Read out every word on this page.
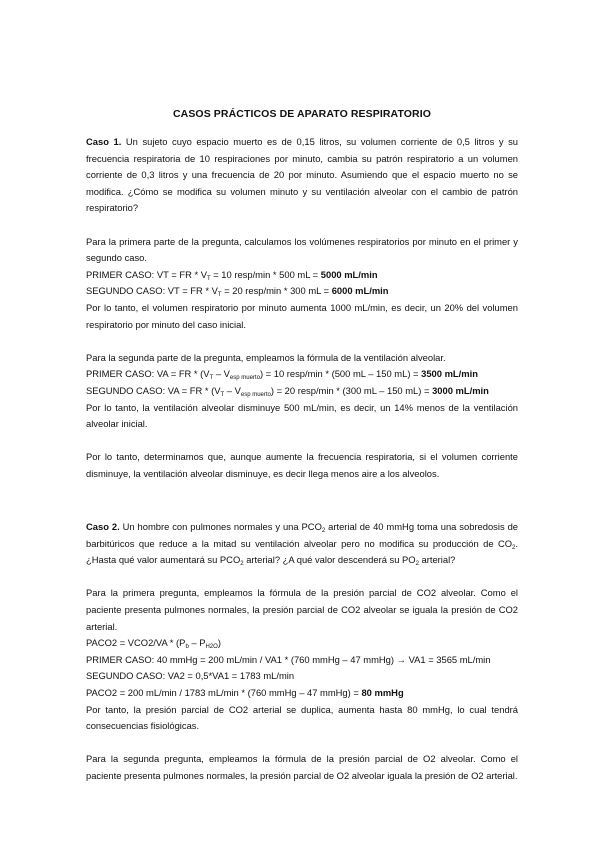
CASOS PRÁCTICOS DE APARATO RESPIRATORIO

Caso 1. Un sujeto cuyo espacio muerto es de 0,15 litros, su volumen corriente de 0,5 litros y su frecuencia respiratoria de 10 respiraciones por minuto, cambia su patrón respiratorio a un volumen corriente de 0,3 litros y una frecuencia de 20 por minuto. Asumiendo que el espacio muerto no se modifica. ¿Cómo se modifica su volumen minuto y su ventilación alveolar con el cambio de patrón respiratorio?

Para la primera parte de la pregunta, calculamos los volúmenes respiratorios por minuto en el primer y segundo caso.

PRIMER CASO: VT = FR * $V_T = 10$ resp/min * 500 mL = 5000 mL/min

SEGUNDO CASO: VT = FR * $V_T = 20$ resp/min * 300 mL = 6000 mL/min

Por lo tanto, el volumen respiratorio por minuto aumenta 1000 mL/min, es decir, un 20% del volumen respiratorio por minuto del caso inicial.

Para la segunda parte de la pregunta, empleamos la fórmula de la ventilación alveolar.

PRIMER CASO: VA = FR * $(V_T - V_{esp muerto}) = 10$ resp/min * (500 mL – 150 mL) = 3500 mL/min

SEGUNDO CASO: VA = FR * $(V_T - V_{esp muerto}) = 20$ resp/min * (300 mL – 150 mL) = 3000 mL/min

Por lo tanto, la ventilación alveolar disminuye 500 mL/min, es decir, un 14% menos de la ventilación alveolar inicial.

Por lo tanto, determinamos que, aunque aumente la frecuencia respiratoria, si el volumen corriente disminuye, la ventilación alveolar disminuye, es decir llega menos aire a los alveolos.

Caso 2. Un hombre con pulmones normales y una $PCO_2$ arterial de 40 mmHg toma una sobredosis de barbitúricos que reduce a la mitad su ventilación alveolar pero no modifica su producción de $CO_2$. ¿Hasta qué valor aumentará su $PCO_2$ arterial? ¿A qué valor descenderá su $PO_2$ arterial?

Para la primera pregunta, empleamos la fórmula de la presión parcial de CO2 alveolar. Como el paciente presenta pulmones normales, la presión parcial de CO2 alveolar se iguala la presión de CO2 arterial.

PACO2 = $VCO2/VA * (P_b - P_{H2O})$

PRIMER CASO: 40 mmHg = 200 mL/min / VA1 * (760 mmHg – 47 mmHg) → VA1 = 3565 mL/min

SEGUNDO CASO: VA2 = 0,5*VA1 = 1783 mL/min

PACO2 = 200 mL/min / 1783 mL/min * (760 mmHg – 47 mmHg) = 80 mmHg

Por tanto, la presión parcial de CO2 arterial se duplica, aumenta hasta 80 mmHg, lo cual tendrá consecuencias fisiológicas.

Para la segunda pregunta, empleamos la fórmula de la presión parcial de O2 alveolar. Como el paciente presenta pulmones normales, la presión parcial de O2 alveolar iguala la presión de O2 arterial.
